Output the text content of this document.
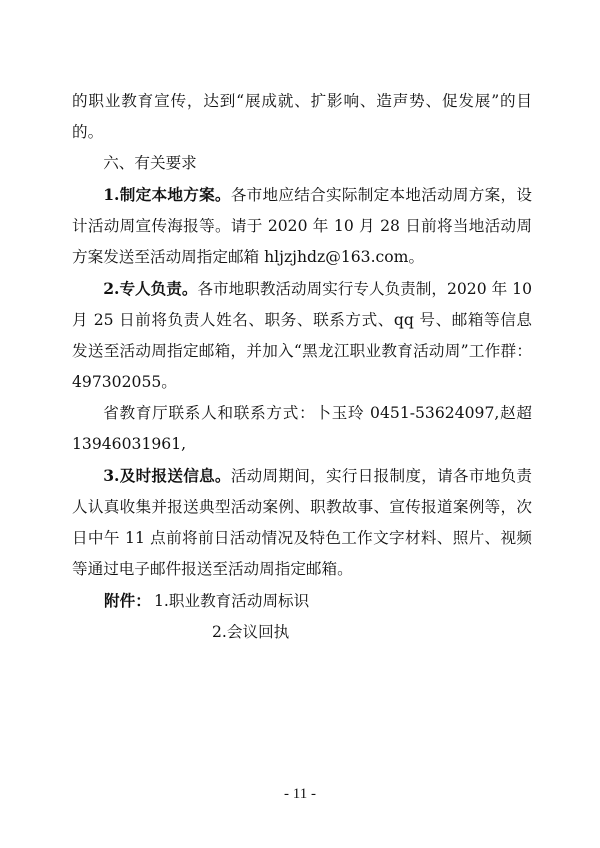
的职业教育宣传，达到“展成就、扩影响、造声势、促发展”的目的。

六、有关要求

1.制定本地方案。各市地应结合实际制定本地活动周方案，设计活动周宣传海报等。请于 2020 年 10 月 28 日前将当地活动周方案发送至活动周指定邮箱 hljzjhdz@163.com。

2.专人负责。各市地职教活动周实行专人负责制，2020 年 10 月 25 日前将负责人姓名、职务、联系方式、qq 号、邮箱等信息发送至活动周指定邮箱，并加入“黑龙江职业教育活动周”工作群：497302055。

省教育厅联系人和联系方式：卜玉玲 0451-53624097,赵超 13946031961,

3.及时报送信息。活动周期间，实行日报制度，请各市地负责人认真收集并报送典型活动案例、职教故事、宣传报道案例等，次日中午 11 点前将前日活动情况及特色工作文字材料、照片、视频等通过电子邮件报送至活动周指定邮箱。

附件： 1.职业教育活动周标识

2.会议回执

- 11 -
